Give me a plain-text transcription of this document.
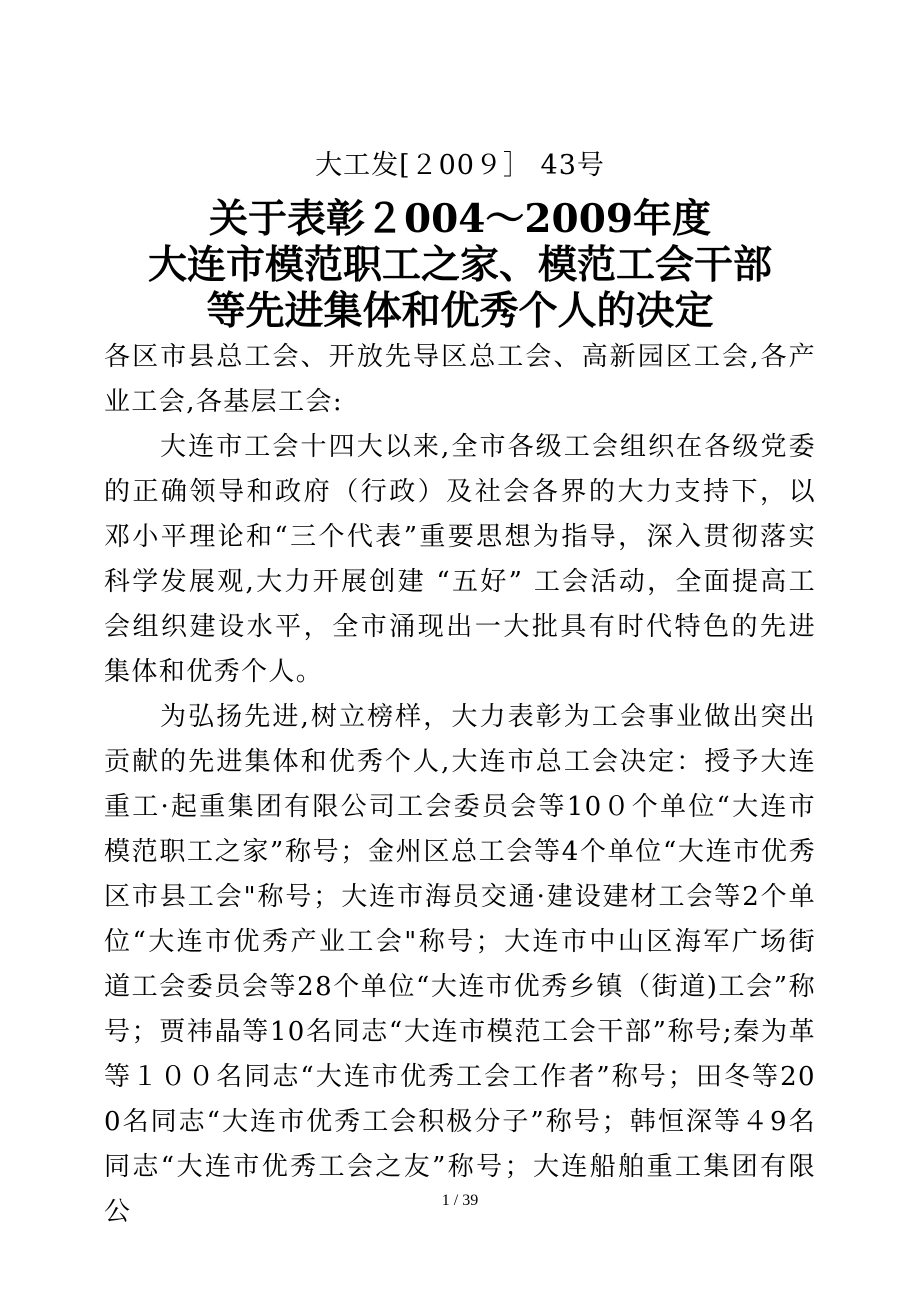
大工发[２00９］ 43号
关于表彰２004～2009年度
大连市模范职工之家、模范工会干部
等先进集体和优秀个人的决定

各区市县总工会、开放先导区总工会、高新园区工会,各产业工会,各基层工会:

大连市工会十四大以来,全市各级工会组织在各级党委的正确领导和政府（行政）及社会各界的大力支持下，以邓小平理论和“三个代表”重要思想为指导，深入贯彻落实科学发展观,大力开展创建 “五好” 工会活动，全面提高工会组织建设水平，全市涌现出一大批具有时代特色的先进集体和优秀个人。

为弘扬先进,树立榜样，大力表彰为工会事业做出突出贡献的先进集体和优秀个人,大连市总工会决定：授予大连重工·起重集团有限公司工会委员会等10０个单位“大连市模范职工之家”称号；金州区总工会等4个单位“大连市优秀区市县工会"称号；大连市海员交通·建设建材工会等2个单位“大连市优秀产业工会"称号；大连市中山区海军广场街道工会委员会等28个单位“大连市优秀乡镇（街道)工会”称号；贾祎晶等10名同志“大连市模范工会干部”称号;秦为革等１００名同志“大连市优秀工会工作者”称号；田冬等200名同志“大连市优秀工会积极分子”称号；韩恒深等４9名同志“大连市优秀工会之友”称号；大连船舶重工集团有限公	1 / 39
